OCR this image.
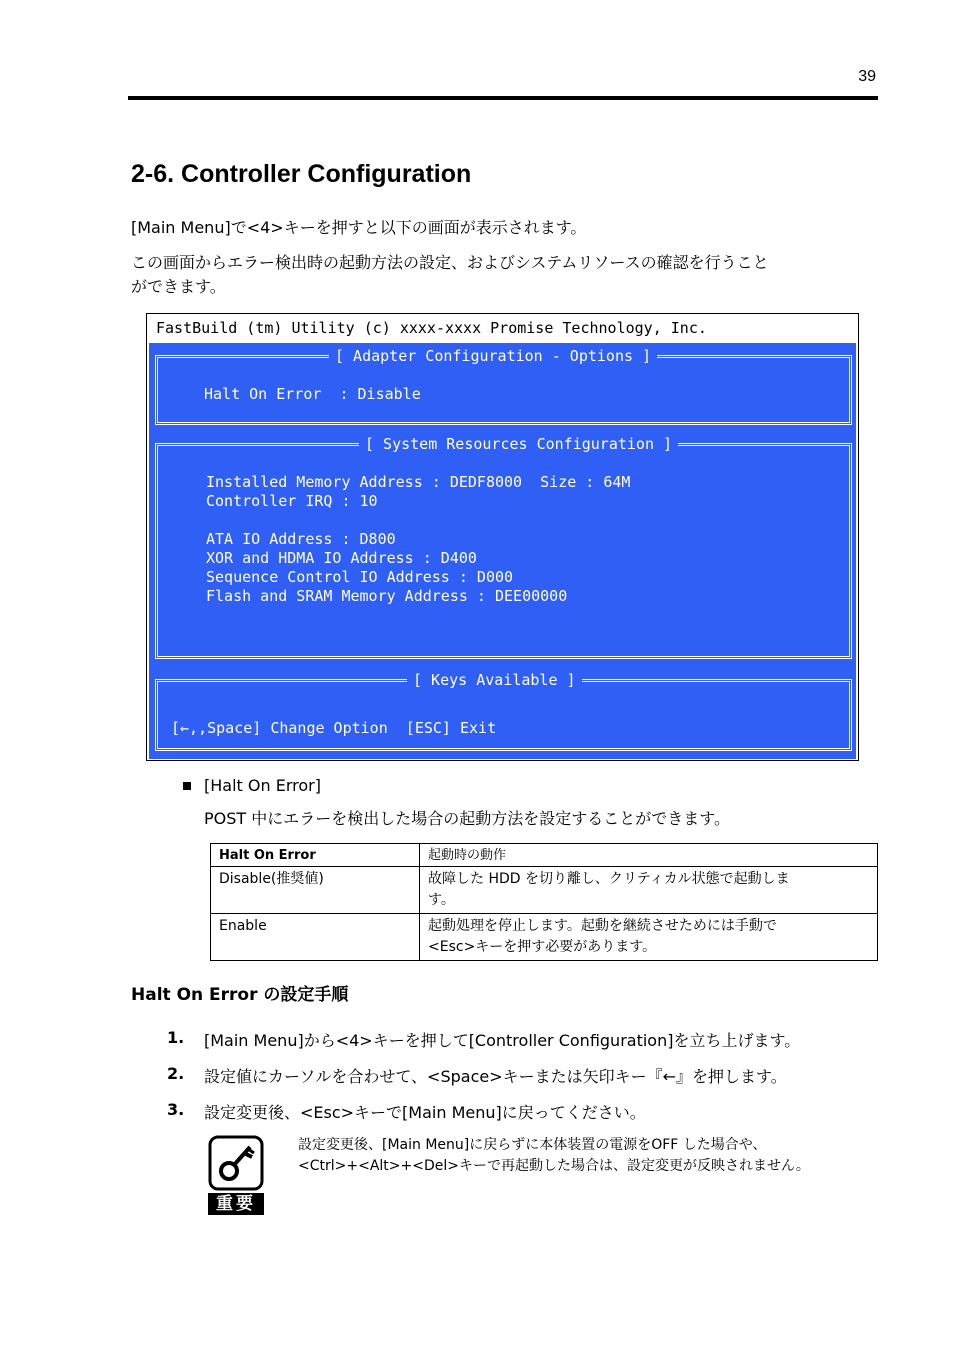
39
2-6. Controller Configuration
[Main Menu]で<4>キーを押すと以下の画面が表示されます。
この画面からエラー検出時の起動方法の設定、およびシステムリソースの確認を行うこと
ができます。
FastBuild (tm) Utility (c) xxxx-xxxx Promise Technology, Inc.
[ Adapter Configuration - Options ]
Halt On Error  : Disable
[ System Resources Configuration ]
Installed Memory Address : DEDF8000  Size : 64M
Controller IRQ : 10
ATA IO Address : D800
XOR and HDMA IO Address : D400
Sequence Control IO Address : D000
Flash and SRAM Memory Address : DEE00000
[ Keys Available ]
[←,,Space] Change Option  [ESC] Exit
[Halt On Error]
POST 中にエラーを検出した場合の起動方法を設定することができます。
Halt On Error	起動時の動作
Disable(推奨値)	故障した HDD を切り離し、クリティカル状態で起動しま
す。

Enable	起動処理を停止します。起動を継続させためには手動で
<Esc>キーを押す必要があります。
Halt On Error の設定手順
1. [Main Menu]から<4>キーを押して[Controller Configuration]を立ち上げます。
2. 設定値にカーソルを合わせて、<Space>キーまたは矢印キー『←』を押します。
3. 設定変更後、<Esc>キーで[Main Menu]に戻ってください。
重要
設定変更後、[Main Menu]に戻らずに本体装置の電源をOFF した場合や、
<Ctrl>+<Alt>+<Del>キーで再起動した場合は、設定変更が反映されません。
